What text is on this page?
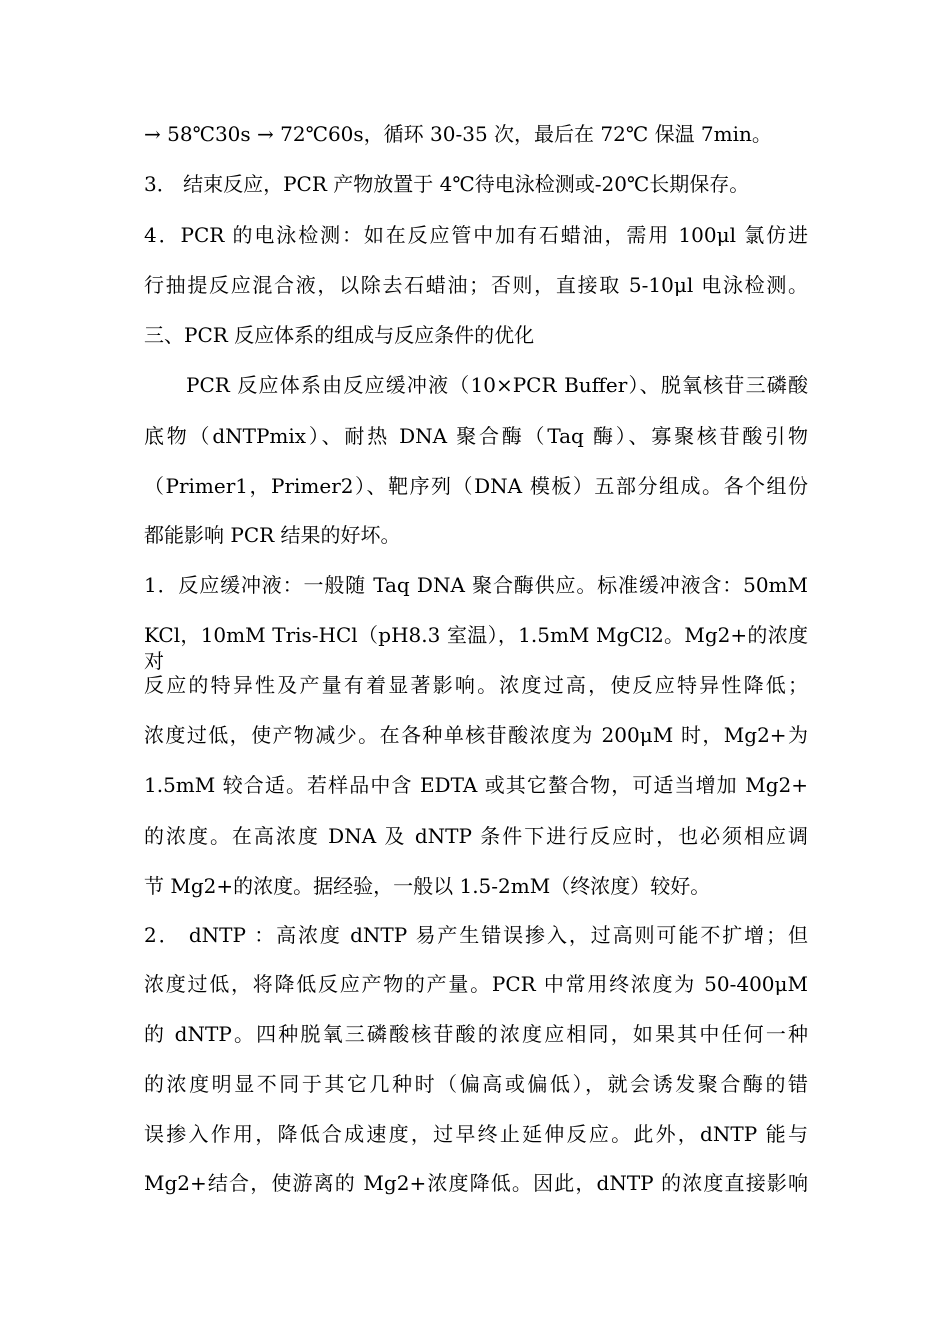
→ 58℃30s → 72℃60s，循环 30-35 次，最后在 72℃ 保温 7min。
3． 结束反应，PCR 产物放置于 4℃待电泳检测或-20℃长期保存。
4．PCR 的电泳检测：如在反应管中加有石蜡油，需用 100μl 氯仿进
行抽提反应混合液，以除去石蜡油；否则，直接取 5-10μl 电泳检测。
三、PCR 反应体系的组成与反应条件的优化
PCR 反应体系由反应缓冲液（10×PCR Buffer）、脱氧核苷三磷酸
底物（dNTPmix）、耐热 DNA 聚合酶（Taq 酶）、寡聚核苷酸引物
（Primer1，Primer2）、靶序列（DNA 模板）五部分组成。各个组份
都能影响 PCR 结果的好坏。
1．反应缓冲液：一般随 Taq DNA 聚合酶供应。标准缓冲液含：50mM
KCl，10mM Tris-HCl（pH8.3 室温），1.5mM MgCl2。Mg2+的浓度对
反应的特异性及产量有着显著影响。浓度过高，使反应特异性降低；
浓度过低，使产物减少。在各种单核苷酸浓度为 200μM 时，Mg2+为
1.5mM 较合适。若样品中含 EDTA 或其它螯合物，可适当增加 Mg2+
的浓度。在高浓度 DNA 及 dNTP 条件下进行反应时，也必须相应调
节 Mg2+的浓度。据经验，一般以 1.5-2mM（终浓度）较好。
2． dNTP ：高浓度 dNTP 易产生错误掺入，过高则可能不扩增；但
浓度过低，将降低反应产物的产量。PCR 中常用终浓度为 50-400μM
的 dNTP。四种脱氧三磷酸核苷酸的浓度应相同，如果其中任何一种
的浓度明显不同于其它几种时（偏高或偏低），就会诱发聚合酶的错
误掺入作用，降低合成速度，过早终止延伸反应。此外，dNTP 能与
Mg2+结合，使游离的 Mg2+浓度降低。因此，dNTP 的浓度直接影响
